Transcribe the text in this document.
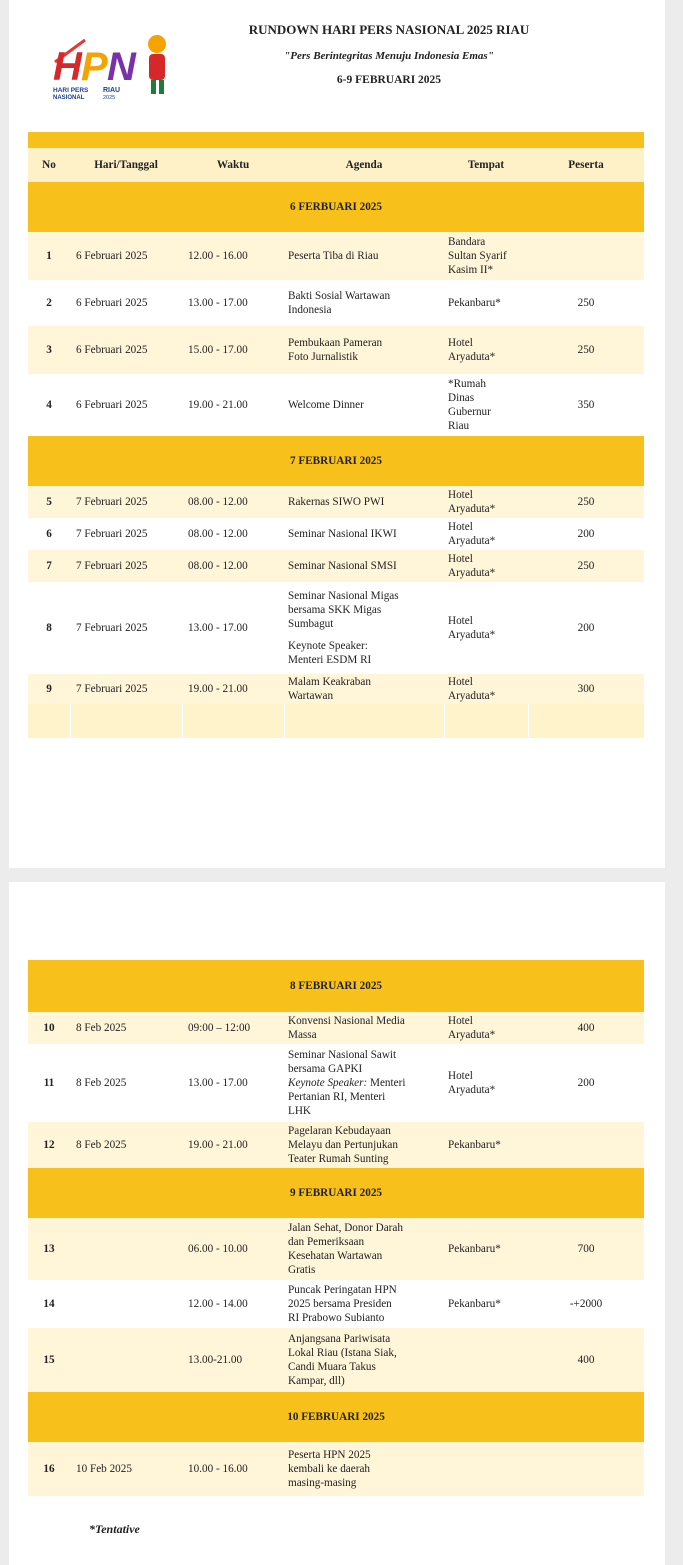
H P N
HARI PERS
NASIONAL
RIAU
2025
RUNDOWN HARI PERS NASIONAL 2025 RIAU
"Pers Berintegritas Menuju Indonesia Emas"
6-9 FEBRUARI 2025

No	Hari/Tanggal	Waktu	Agenda	Tempat	Peserta
6 FERBUARI 2025					
1	6 Februari 2025	12.00 - 16.00	Peserta Tiba di Riau	Bandara
Sultan Syarif
Kasim II*	

2	6 Februari 2025	13.00 - 17.00	Bakti Sosial Wartawan
Indonesia	Pekanbaru*	250
3	6 Februari 2025	15.00 - 17.00	Pembukaan Pameran
Foto Jurnalistik	Hotel
Aryaduta*	250
4	6 Februari 2025	19.00 - 21.00	Welcome Dinner	*Rumah
Dinas
Gubernur
Riau	350
7 FEBRUARI 2025					
5	7 Februari 2025	08.00 - 12.00	Rakernas SIWO PWI	Hotel
Aryaduta*	250
6	7 Februari 2025	08.00 - 12.00	Seminar Nasional IKWI	Hotel
Aryaduta*	200
7	7 Februari 2025	08.00 - 12.00	Seminar Nasional SMSI	Hotel
Aryaduta*	250
8	7 Februari 2025	13.00 - 17.00	Seminar Nasional Migas
bersama SKK Migas
Sumbagut
Keynote Speaker:
Menteri ESDM RI	Hotel
Aryaduta*	200
9	7 Februari 2025	19.00 - 21.00	Malam Keakraban
Wartawan	Hotel
Aryaduta*	300

8 FEBRUARI 2025					
10	8 Feb 2025	09:00 – 12:00	Konvensi Nasional Media
Massa	Hotel
Aryaduta*	400
11	8 Feb 2025	13.00 - 17.00	Seminar Nasional Sawit
bersama GAPKI
Keynote Speaker: Menteri
Pertanian RI, Menteri
LHK	Hotel
Aryaduta*	200
12	8 Feb 2025	19.00 - 21.00	Pagelaran Kebudayaan
Melayu dan Pertunjukan
Teater Rumah Sunting	Pekanbaru*	

9 FEBRUARI 2025					
13		06.00 - 10.00	Jalan Sehat, Donor Darah
dan Pemeriksaan
Kesehatan Wartawan
Gratis	Pekanbaru*	700
14		12.00 - 14.00	Puncak Peringatan HPN
2025 bersama Presiden
RI Prabowo Subianto	Pekanbaru*	-+2000
15		13.00-21.00	Anjangsana Pariwisata
Lokal Riau (Istana Siak,
Candi Muara Takus
Kampar, dll)		400
10 FEBRUARI 2025					
16	10 Feb 2025	10.00 - 16.00	Peserta HPN 2025
kembali ke daerah
masing-masing		

*Tentative
